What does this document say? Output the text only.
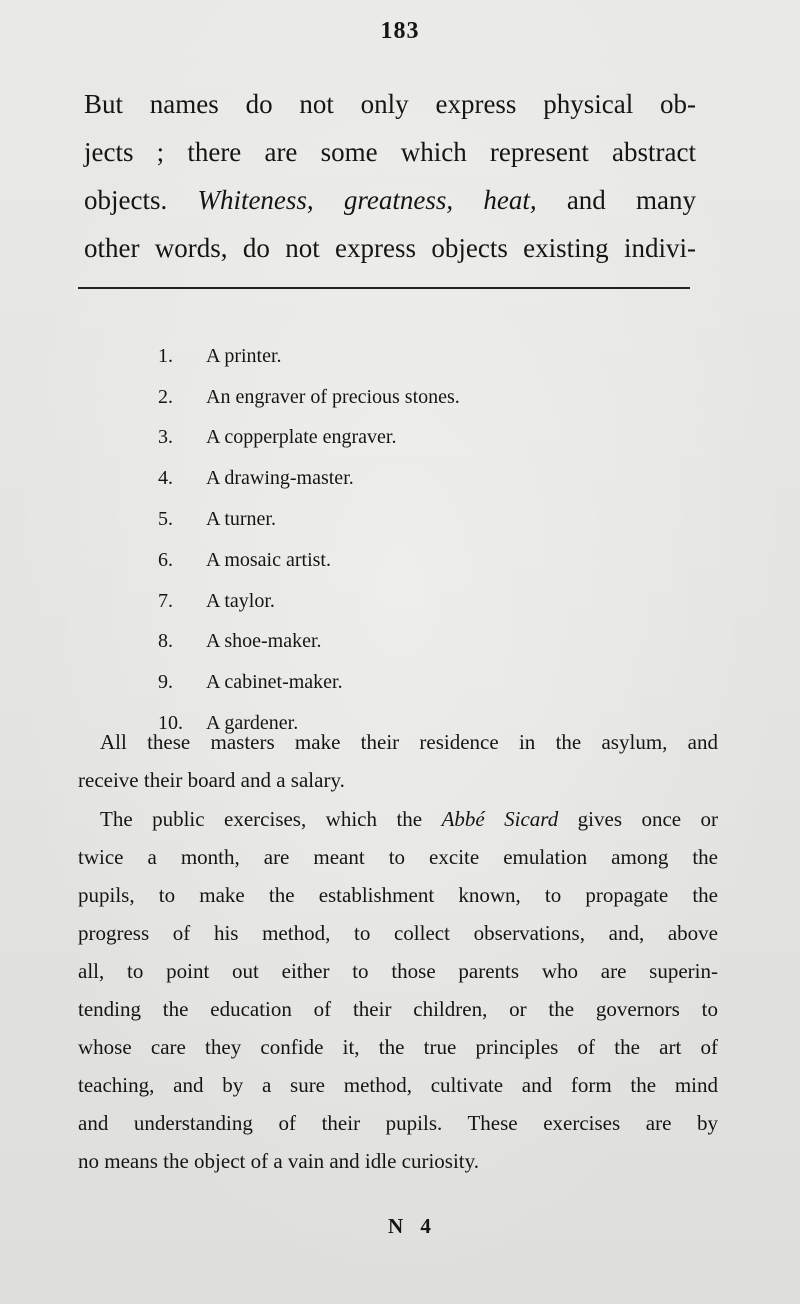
183
But names do not only express physical ob-
jects ; there are some which represent abstract
objects. Whiteness, greatness, heat, and many
other words, do not express objects existing indivi-
1.	A printer.
2.	An engraver of precious stones.
3.	A copperplate engraver.
4.	A drawing-master.
5.	A turner.
6.	A mosaic artist.
7.	A taylor.
8.	A shoe-maker.
9.	A cabinet-maker.
10.	A gardener.
All these masters make their residence in the asylum, and
receive their board and a salary.
The public exercises, which the Abbé Sicard gives once or
twice a month, are meant to excite emulation among the
pupils, to make the establishment known, to propagate the
progress of his method, to collect observations, and, above
all, to point out either to those parents who are superin-
tending the education of their children, or the governors to
whose care they confide it, the true principles of the art of
teaching, and by a sure method, cultivate and form the mind
and understanding of their pupils. These exercises are by
no means the object of a vain and idle curiosity.
N 4
